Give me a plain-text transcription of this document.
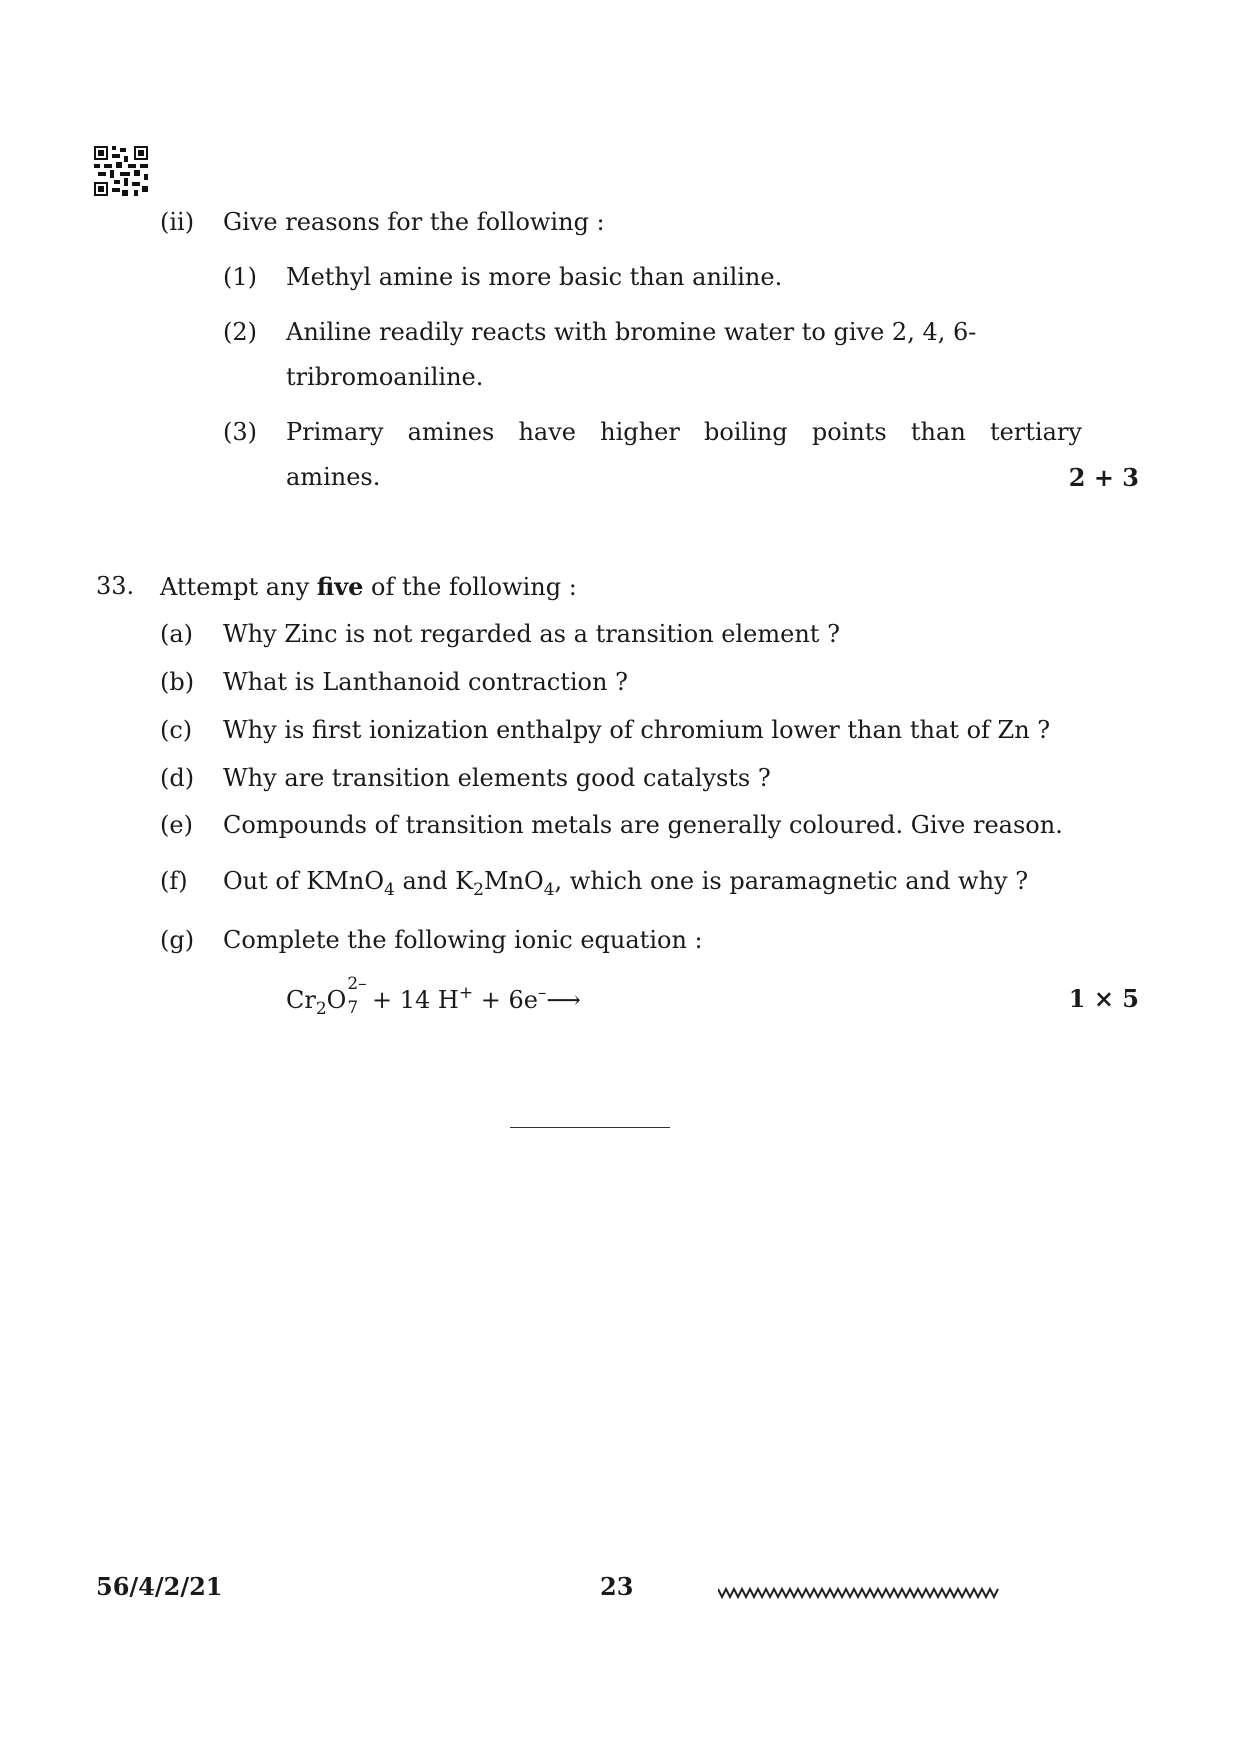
(ii) Give reasons for the following :
(1) Methyl amine is more basic than aniline.
(2) Aniline readily reacts with bromine water to give 2, 4, 6-
tribromoaniline.
(3) Primary amines have higher boiling points than tertiary
amines.	2 + 3
33. Attempt any five of the following :
(a) Why Zinc is not regarded as a transition element ?
(b) What is Lanthanoid contraction ?
(c) Why is first ionization enthalpy of chromium lower than that of Zn ?
(d) Why are transition elements good catalysts ?
(e) Compounds of transition metals are generally coloured. Give reason.
(f) Out of KMnO$_4$ and $K_2MnO_4$, which one is paramagnetic and why ?
(g) Complete the following ionic equation :
$Cr_2O$
2–
7 + 14 H+ + 6e–⟶	1 × 5
56/4/2/21	23
